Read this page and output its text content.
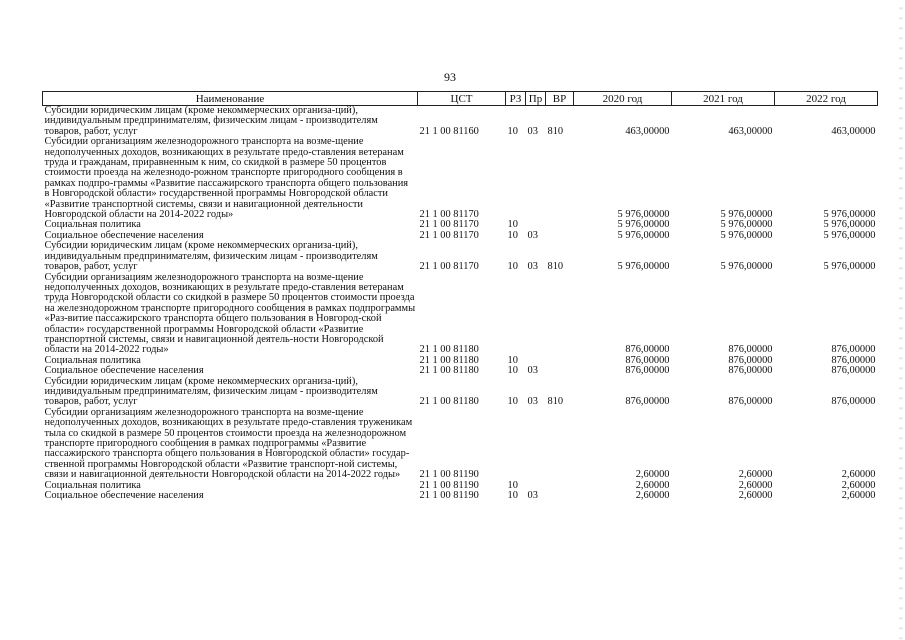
93
Наименование	ЦСТ	РЗ	Пр	ВР	2020 год	2021 год	2022 год
Субсидии юридическим лицам (кроме некоммерческих организа-ций), индивидуальным предпринимателям, физическим лицам - производителям товаров, работ, услуг	21 1 00 81160	10	03	810	463,00000	463,00000	463,00000
Субсидии организациям железнодорожного транспорта на возме-щение недополученных доходов, возникающих в результате предо-ставления ветеранам труда и гражданам, приравненным к ним, со скидкой в размере 50 процентов стоимости проезда на железнодо-рожном транспорте пригородного сообщения в рамках подпро-граммы «Развитие пассажирского транспорта общего пользования в Новгородской области» государственной программы Новгородской области «Развитие транспортной системы, связи и навигационной деятельности Новгородской области на 2014-2022 годы»	21 1 00 81170				5 976,00000	5 976,00000	5 976,00000
Социальная политика	21 1 00 81170	10			5 976,00000	5 976,00000	5 976,00000
Социальное обеспечение населения	21 1 00 81170	10	03		5 976,00000	5 976,00000	5 976,00000
Субсидии юридическим лицам (кроме некоммерческих организа-ций), индивидуальным предпринимателям, физическим лицам - производителям товаров, работ, услуг	21 1 00 81170	10	03	810	5 976,00000	5 976,00000	5 976,00000
Субсидии организациям железнодорожного транспорта на возме-щение недополученных доходов, возникающих в результате предо-ставления ветеранам труда Новгородской области со скидкой в размере 50 процентов стоимости проезда на железнодорожном транспорте пригородного сообщения в рамках подпрограммы «Раз-витие пассажирского транспорта общего пользования в Новгород-ской области» государственной программы Новгородской области «Развитие транспортной системы, связи и навигационной деятель-ности Новгородской области на 2014-2022 годы»	21 1 00 81180				876,00000	876,00000	876,00000
Социальная политика	21 1 00 81180	10			876,00000	876,00000	876,00000
Социальное обеспечение населения	21 1 00 81180	10	03		876,00000	876,00000	876,00000
Субсидии юридическим лицам (кроме некоммерческих организа-ций), индивидуальным предпринимателям, физическим лицам - производителям товаров, работ, услуг	21 1 00 81180	10	03	810	876,00000	876,00000	876,00000
Субсидии организациям железнодорожного транспорта на возме-щение недополученных доходов, возникающих в результате предо-ставления труженикам тыла со скидкой в размере 50 процентов стоимости проезда на железнодорожном транспорте пригородного сообщения в рамках подпрограммы «Развитие пассажирского транспорта общего пользования в Новгородской области» государ-ственной программы Новгородской области «Развитие транспорт-ной системы, связи и навигационной деятельности Новгородской области на 2014-2022 годы»	21 1 00 81190				2,60000	2,60000	2,60000
Социальная политика	21 1 00 81190	10			2,60000	2,60000	2,60000
Социальное обеспечение населения	21 1 00 81190	10	03		2,60000	2,60000	2,60000
